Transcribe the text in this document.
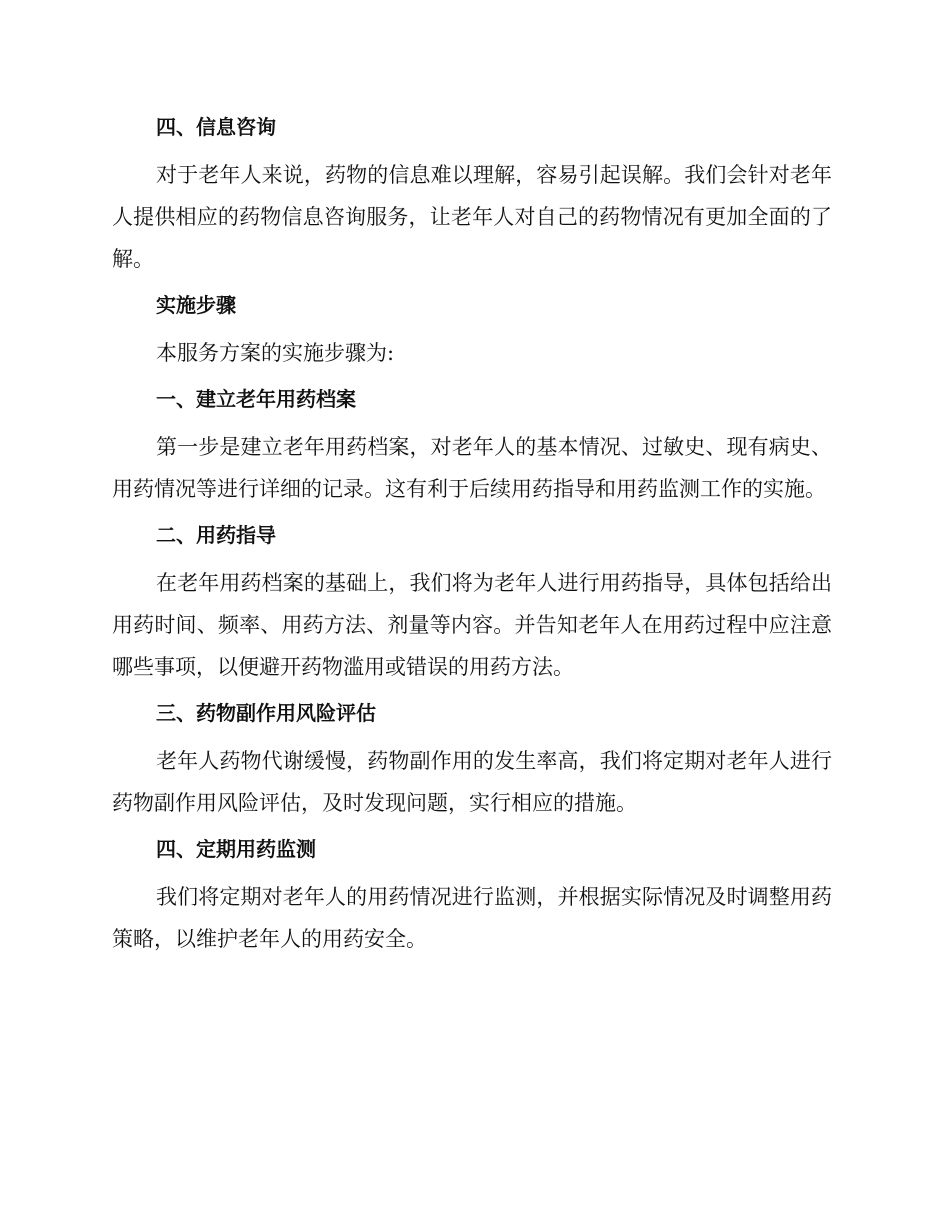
四、信息咨询

对于老年人来说，药物的信息难以理解，容易引起误解。我们会针对老年人提供相应的药物信息咨询服务，让老年人对自己的药物情况有更加全面的了解。

实施步骤

本服务方案的实施步骤为:

一、建立老年用药档案

第一步是建立老年用药档案，对老年人的基本情况、过敏史、现有病史、用药情况等进行详细的记录。这有利于后续用药指导和用药监测工作的实施。

二、用药指导

在老年用药档案的基础上，我们将为老年人进行用药指导，具体包括给出用药时间、频率、用药方法、剂量等内容。并告知老年人在用药过程中应注意哪些事项，以便避开药物滥用或错误的用药方法。

三、药物副作用风险评估

老年人药物代谢缓慢，药物副作用的发生率高，我们将定期对老年人进行药物副作用风险评估，及时发现问题，实行相应的措施。

四、定期用药监测

我们将定期对老年人的用药情况进行监测，并根据实际情况及时调整用药策略，以维护老年人的用药安全。
